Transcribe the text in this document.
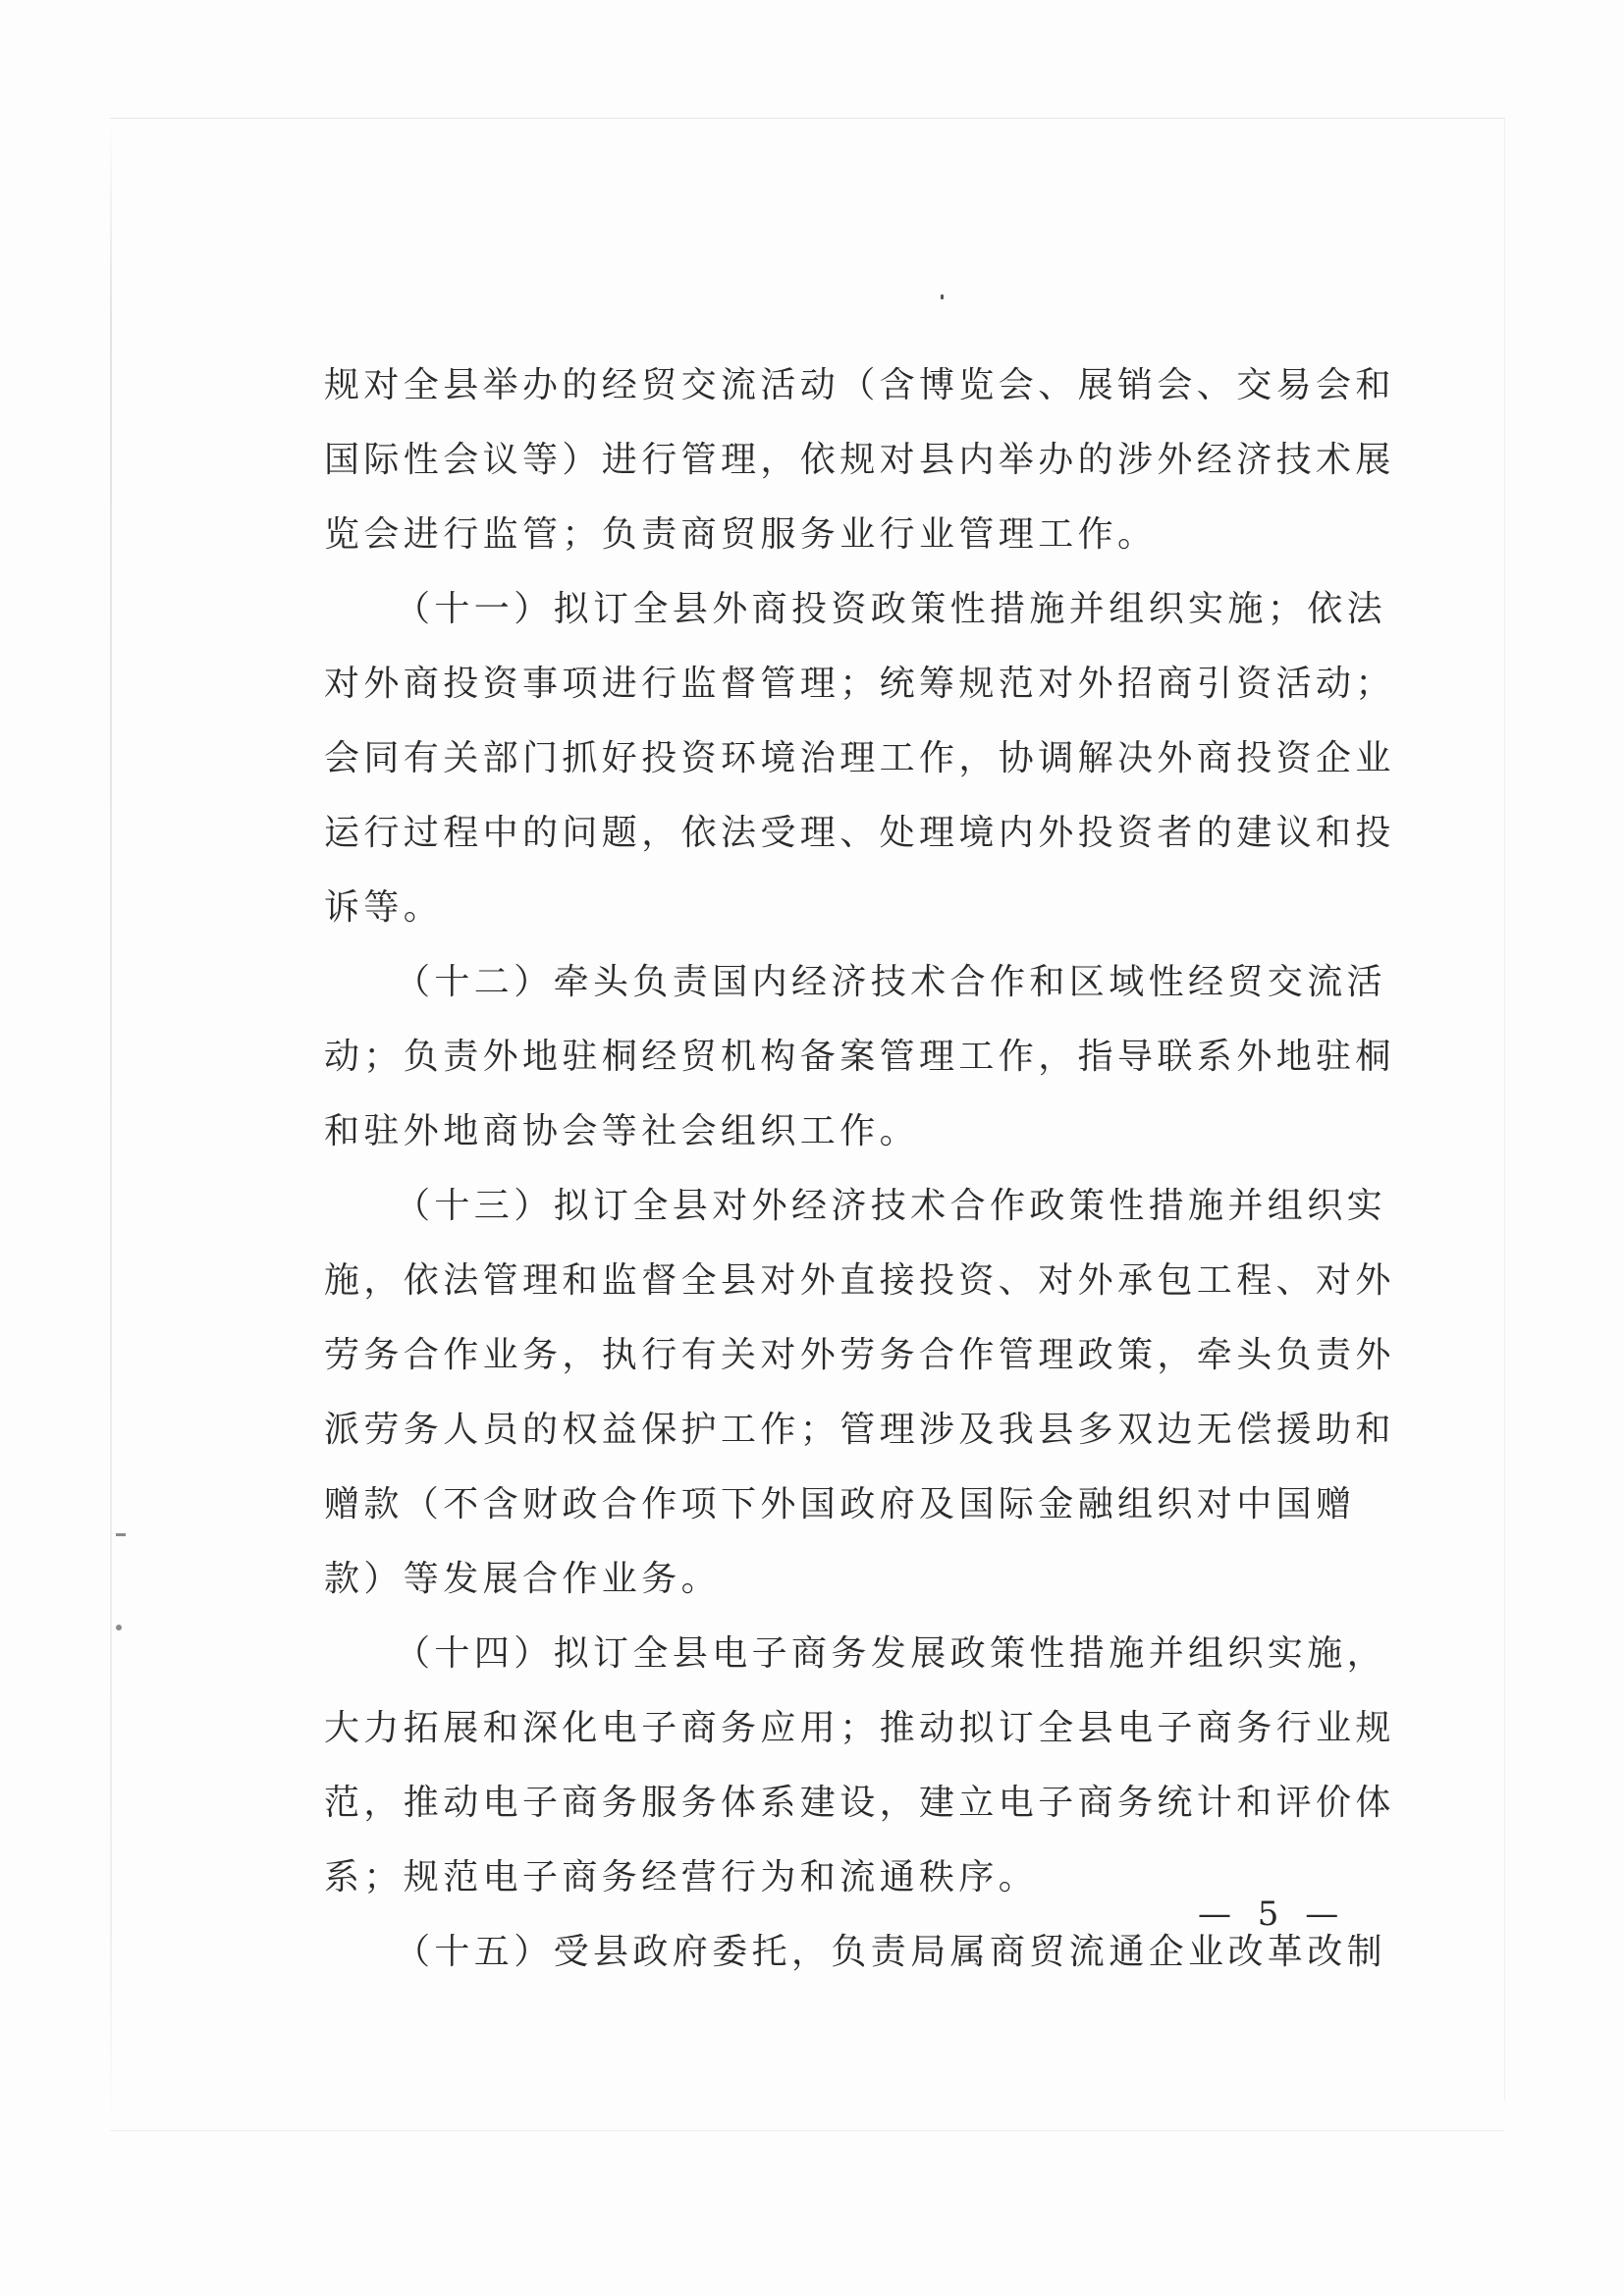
规对全县举办的经贸交流活动（含博览会、展销会、交易会和
国际性会议等）进行管理，依规对县内举办的涉外经济技术展
览会进行监管；负责商贸服务业行业管理工作。
（十一）拟订全县外商投资政策性措施并组织实施；依法
对外商投资事项进行监督管理；统筹规范对外招商引资活动；
会同有关部门抓好投资环境治理工作，协调解决外商投资企业
运行过程中的问题，依法受理、处理境内外投资者的建议和投
诉等。
（十二）牵头负责国内经济技术合作和区域性经贸交流活
动；负责外地驻桐经贸机构备案管理工作，指导联系外地驻桐
和驻外地商协会等社会组织工作。
（十三）拟订全县对外经济技术合作政策性措施并组织实
施，依法管理和监督全县对外直接投资、对外承包工程、对外
劳务合作业务，执行有关对外劳务合作管理政策，牵头负责外
派劳务人员的权益保护工作；管理涉及我县多双边无偿援助和
赠款（不含财政合作项下外国政府及国际金融组织对中国赠
款）等发展合作业务。
（十四）拟订全县电子商务发展政策性措施并组织实施，
大力拓展和深化电子商务应用；推动拟订全县电子商务行业规
范，推动电子商务服务体系建设，建立电子商务统计和评价体
系；规范电子商务经营行为和流通秩序。
（十五）受县政府委托，负责局属商贸流通企业改革改制
— 5 —
